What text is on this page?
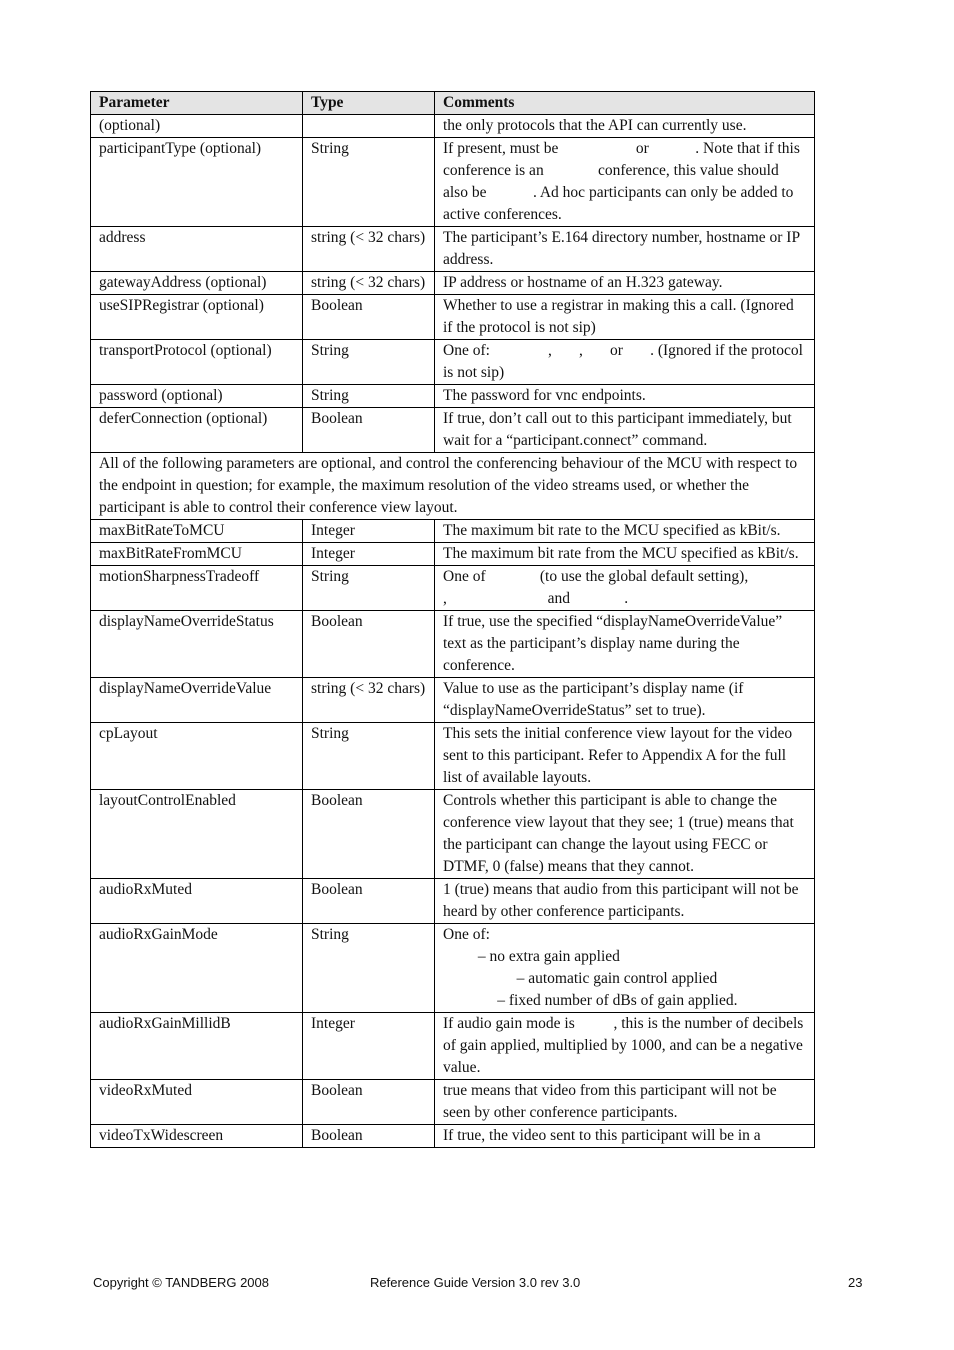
Parameter	Type	Comments
(optional)		the only protocols that the API can currently use.
participantType (optional)	String	If present, must be                    or            . Note that if this conference is an              conference, this value should also be            . Ad hoc participants can only be added to active conferences.
address	string (< 32 chars)	The participant’s E.164 directory number, hostname or IP address.
gatewayAddress (optional)	string (< 32 chars)	IP address or hostname of an H.323 gateway.
useSIPRegistrar (optional)	Boolean	Whether to use a registrar in making this a call. (Ignored if the protocol is not sip)
transportProtocol (optional)	String	One of:               ,       ,       or       . (Ignored if the protocol is not sip)
password (optional)	String	The password for vnc endpoints.
deferConnection (optional)	Boolean	If true, don’t call out to this participant immediately, but wait for a “participant.connect” command.
All of the following parameters are optional, and control the conferencing behaviour of the MCU with respect to the endpoint in question; for example, the maximum resolution of the video streams used, or whether the participant is able to control their conference view layout.		
maxBitRateToMCU	Integer	The maximum bit rate to the MCU specified as kBit/s.
maxBitRateFromMCU	Integer	The maximum bit rate from the MCU specified as kBit/s.
motionSharpnessTradeoff	String	One of              (to use the global default setting),                    ,                          and              .
displayNameOverrideStatus	Boolean	If true, use the specified “displayNameOverrideValue” text as the participant’s display name during the conference.
displayNameOverrideValue	string (< 32 chars)	Value to use as the participant’s display name (if “displayNameOverrideStatus” set to true).
cpLayout	String	This sets the initial conference view layout for the video sent to this participant. Refer to Appendix A for the full list of available layouts.
layoutControlEnabled	Boolean	Controls whether this participant is able to change the conference view layout that they see; 1 (true) means that the participant can change the layout using FECC or DTMF, 0 (false) means that they cannot.
audioRxMuted	Boolean	1 (true) means that audio from this participant will not be heard by other conference participants.
audioRxGainMode	String	One of:
– no extra gain applied
– automatic gain control applied
– fixed number of dBs of gain applied.

audioRxGainMillidB	Integer	If audio gain mode is          , this is the number of decibels of gain applied, multiplied by 1000, and can be a negative value.
videoRxMuted	Boolean	true means that video from this participant will not be seen by other conference participants.
videoTxWidescreen	Boolean	If true, the video sent to this participant will be in a
Copyright © TANDBERG 2008	Reference Guide Version 3.0 rev 3.0	23
